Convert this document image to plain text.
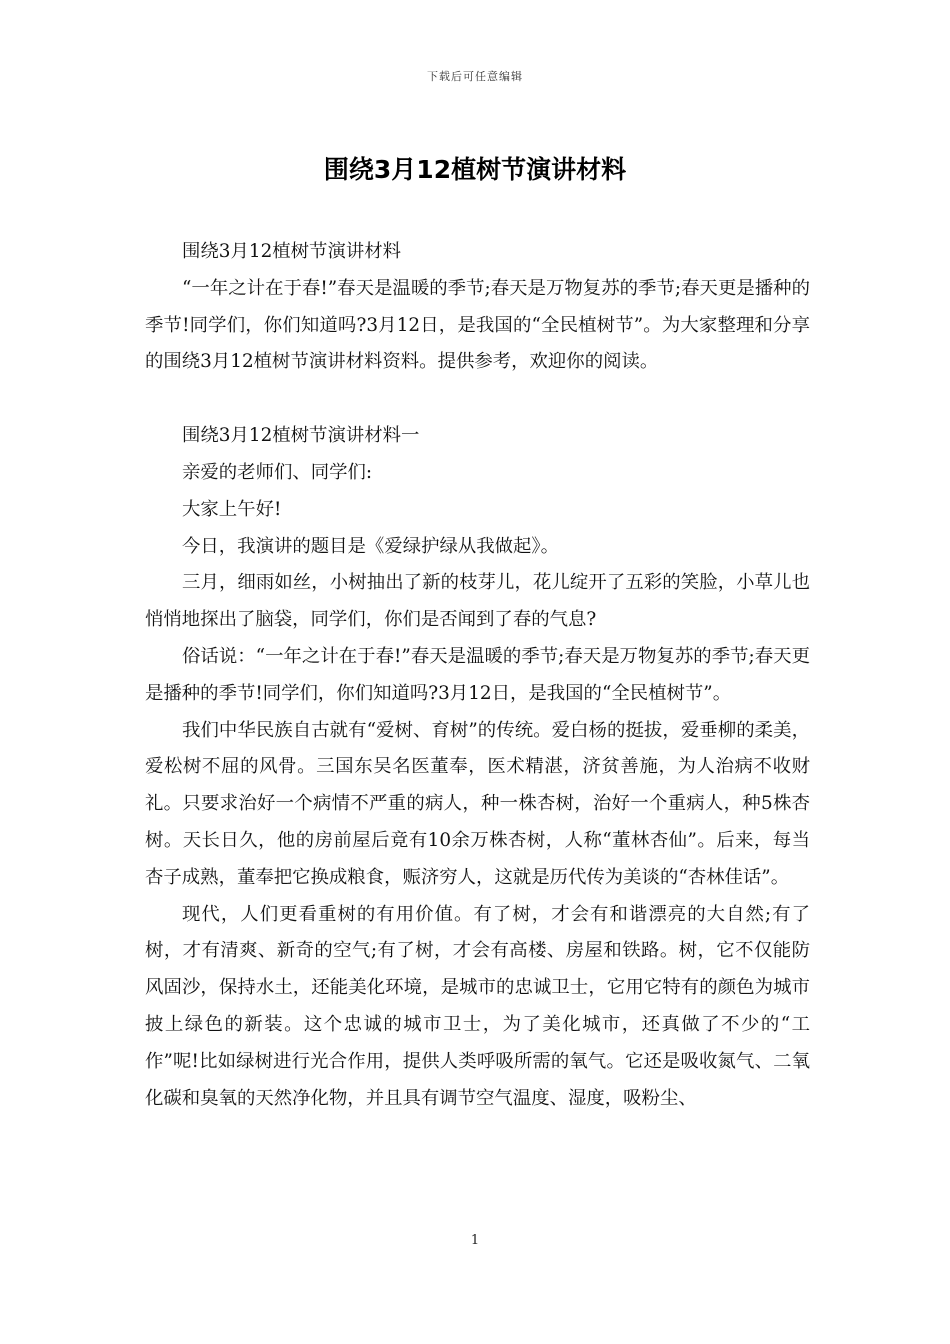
下载后可任意编辑
围绕3月12植树节演讲材料

围绕3月12植树节演讲材料

“一年之计在于春!”春天是温暖的季节;春天是万物复苏的季节;春天更是播种的季节!同学们，你们知道吗?3月12日，是我国的“全民植树节”。为大家整理和分享的围绕3月12植树节演讲材料资料。提供参考，欢迎你的阅读。

围绕3月12植树节演讲材料一

亲爱的老师们、同学们:

大家上午好!

今日，我演讲的题目是《爱绿护绿从我做起》。

三月，细雨如丝，小树抽出了新的枝芽儿，花儿绽开了五彩的笑脸，小草儿也悄悄地探出了脑袋，同学们，你们是否闻到了春的气息?

俗话说：“一年之计在于春!”春天是温暖的季节;春天是万物复苏的季节;春天更是播种的季节!同学们，你们知道吗?3月12日，是我国的“全民植树节”。

我们中华民族自古就有“爱树、育树”的传统。爱白杨的挺拔，爱垂柳的柔美，爱松树不屈的风骨。三国东吴名医董奉，医术精湛，济贫善施，为人治病不收财礼。只要求治好一个病情不严重的病人，种一株杏树，治好一个重病人，种5株杏树。天长日久，他的房前屋后竟有10余万株杏树，人称“董林杏仙”。后来，每当杏子成熟，董奉把它换成粮食，赈济穷人，这就是历代传为美谈的“杏林佳话”。

现代，人们更看重树的有用价值。有了树，才会有和谐漂亮的大自然;有了树，才有清爽、新奇的空气;有了树，才会有高楼、房屋和铁路。树，它不仅能防风固沙，保持水土，还能美化环境，是城市的忠诚卫士，它用它特有的颜色为城市披上绿色的新装。这个忠诚的城市卫士，为了美化城市，还真做了不少的“工作”呢!比如绿树进行光合作用，提供人类呼吸所需的氧气。它还是吸收氮气、二氧化碳和臭氧的天然净化物，并且具有调节空气温度、湿度，吸粉尘、

1
